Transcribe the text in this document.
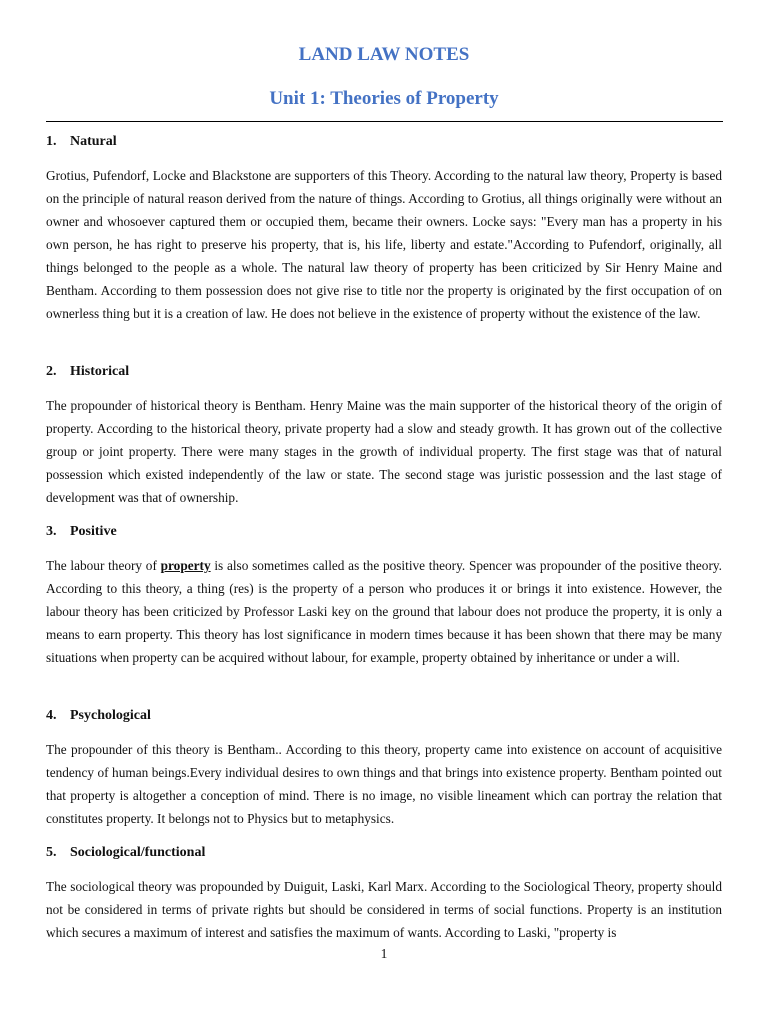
LAND LAW NOTES
Unit 1: Theories of Property
1. Natural

Grotius, Pufendorf, Locke and Blackstone are supporters of this Theory. According to the natural law theory, Property is based on the principle of natural reason derived from the nature of things. According to Grotius, all things originally were without an owner and whosoever captured them or occupied them, became their owners. Locke says: "Every man has a property in his own person, he has right to preserve his property, that is, his life, liberty and estate."According to Pufendorf, originally, all things belonged to the people as a whole. The natural law theory of property has been criticized by Sir Henry Maine and Bentham. According to them possession does not give rise to title nor the property is originated by the first occupation of on ownerless thing but it is a creation of law. He does not believe in the existence of property without the existence of the law.

2. Historical

The propounder of historical theory is Bentham. Henry Maine was the main supporter of the historical theory of the origin of property. According to the historical theory, private property had a slow and steady growth. It has grown out of the collective group or joint property. There were many stages in the growth of individual property. The first stage was that of natural possession which existed independently of the law or state. The second stage was juristic possession and the last stage of development was that of ownership.

3. Positive

The labour theory of property is also sometimes called as the positive theory. Spencer was propounder of the positive theory. According to this theory, a thing (res) is the property of a person who produces it or brings it into existence. However, the labour theory has been criticized by Professor Laski key on the ground that labour does not produce the property, it is only a means to earn property. This theory has lost significance in modern times because it has been shown that there may be many situations when property can be acquired without labour, for example, property obtained by inheritance or under a will.

4. Psychological

The propounder of this theory is Bentham.. According to this theory, property came into existence on account of acquisitive tendency of human beings.Every individual desires to own things and that brings into existence property. Bentham pointed out that property is altogether a conception of mind. There is no image, no visible lineament which can portray the relation that constitutes property. It belongs not to Physics but to metaphysics.

5. Sociological/functional

The sociological theory was propounded by Duiguit, Laski, Karl Marx. According to the Sociological Theory, property should not be considered in terms of private rights but should be considered in terms of social functions. Property is an institution which secures a maximum of interest and satisfies the maximum of wants. According to Laski, "property is

1
